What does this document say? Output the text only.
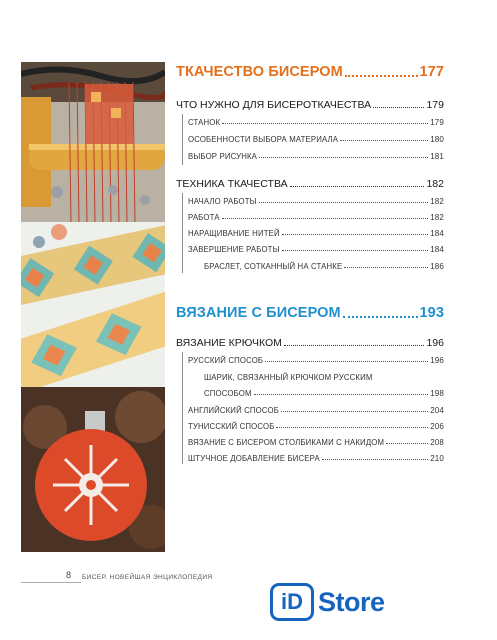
ТКАЧЕСТВО БИСЕРОМ	177
ЧТО НУЖНО ДЛЯ БИСЕРОТКАЧЕСТВА	179
СТАНОК	179
ОСОБЕННОСТИ ВЫБОРА МАТЕРИАЛА	180
ВЫБОР РИСУНКА	181
ТЕХНИКА ТКАЧЕСТВА	182
НАЧАЛО РАБОТЫ	182
РАБОТА	182
НАРАЩИВАНИЕ НИТЕЙ	184
ЗАВЕРШЕНИЕ РАБОТЫ	184
БРАСЛЕТ, СОТКАННЫЙ НА СТАНКЕ	186
ВЯЗАНИЕ С БИСЕРОМ	193
ВЯЗАНИЕ КРЮЧКОМ	196
РУССКИЙ СПОСОБ	196
ШАРИК, СВЯЗАННЫЙ КРЮЧКОМ РУССКИМ
СПОСОБОМ	198
АНГЛИЙСКИЙ СПОСОБ	204
ТУНИССКИЙ СПОСОБ	206
ВЯЗАНИЕ С БИСЕРОМ СТОЛБИКАМИ С НАКИДОМ	208
ШТУЧНОЕ ДОБАВЛЕНИЕ БИСЕРА	210
8 БИСЕР. НОВЕЙШАЯ ЭНЦИКЛОПЕДИЯ
iD Store
